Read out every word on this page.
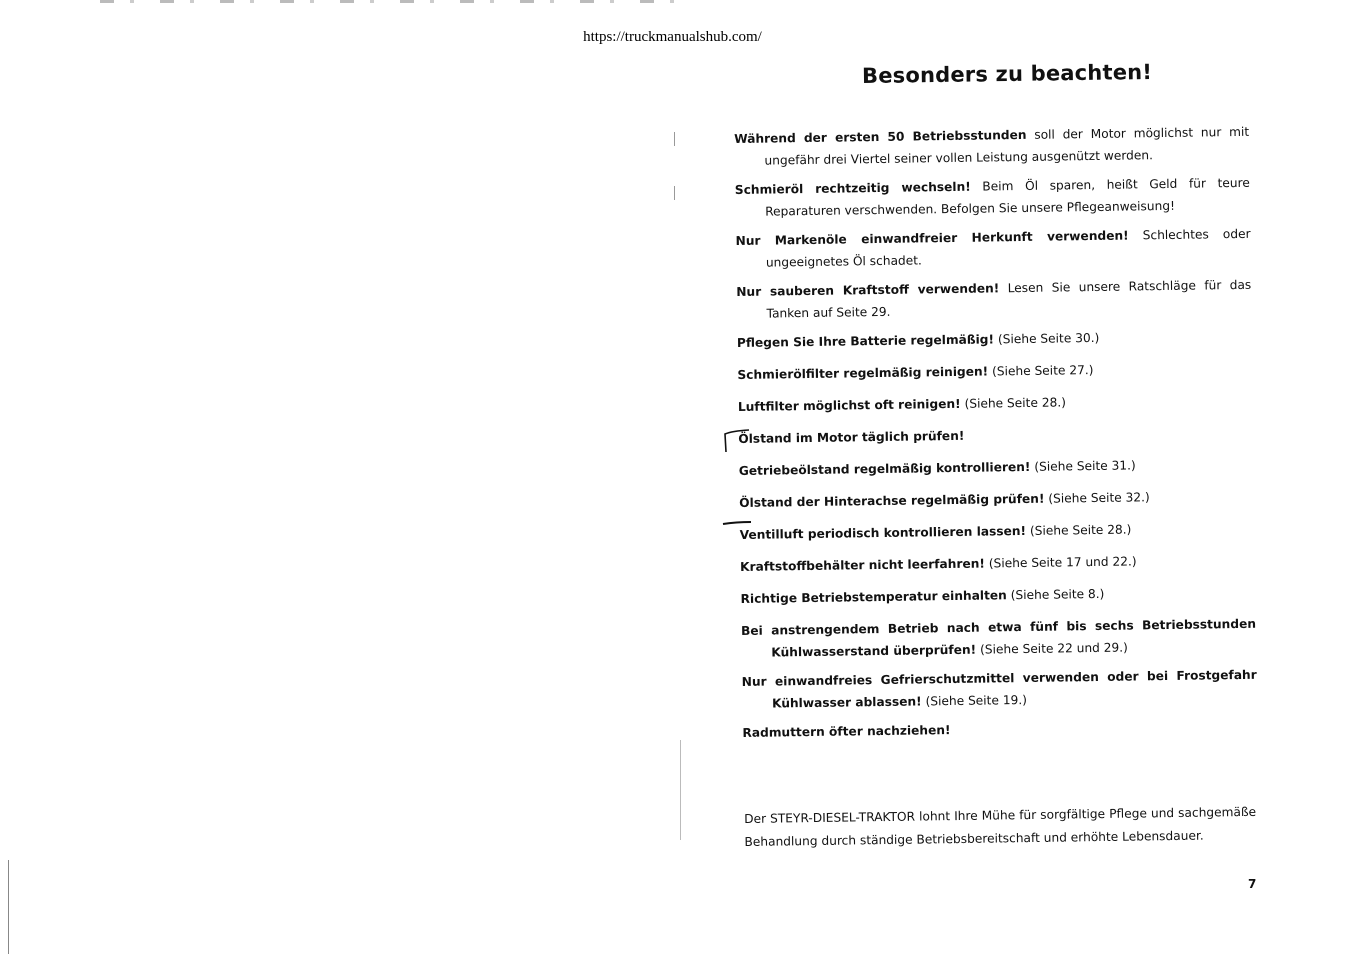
https://truckmanualshub.com/
Besonders zu beachten!

Während der ersten 50 Betriebsstunden soll der Motor möglichst nur mit ungefähr drei Viertel seiner vollen Leistung ausgenützt werden.

Schmieröl rechtzeitig wechseln! Beim Öl sparen, heißt Geld für teure Reparaturen verschwenden. Befolgen Sie unsere Pflegeanweisung!

Nur Markenöle einwandfreier Herkunft verwenden! Schlechtes oder ungeeignetes Öl schadet.

Nur sauberen Kraftstoff verwenden! Lesen Sie unsere Ratschläge für das Tanken auf Seite 29.

Pflegen Sie Ihre Batterie regelmäßig! (Siehe Seite 30.)

Schmierölfilter regelmäßig reinigen! (Siehe Seite 27.)

Luftfilter möglichst oft reinigen! (Siehe Seite 28.)

Ölstand im Motor täglich prüfen!

Getriebeölstand regelmäßig kontrollieren! (Siehe Seite 31.)

Ölstand der Hinterachse regelmäßig prüfen! (Siehe Seite 32.)

Ventilluft periodisch kontrollieren lassen! (Siehe Seite 28.)

Kraftstoffbehälter nicht leerfahren! (Siehe Seite 17 und 22.)

Richtige Betriebstemperatur einhalten (Siehe Seite 8.)

Bei anstrengendem Betrieb nach etwa fünf bis sechs Betriebsstunden Kühlwasserstand überprüfen! (Siehe Seite 22 und 29.)

Nur einwandfreies Gefrierschutzmittel verwenden oder bei Frostgefahr Kühlwasser ablassen! (Siehe Seite 19.)

Radmuttern öfter nachziehen!

Der STEYR-DIESEL-TRAKTOR lohnt Ihre Mühe für sorgfältige Pflege und sachgemäße Behandlung durch ständige Betriebsbereitschaft und erhöhte Lebensdauer.
7
